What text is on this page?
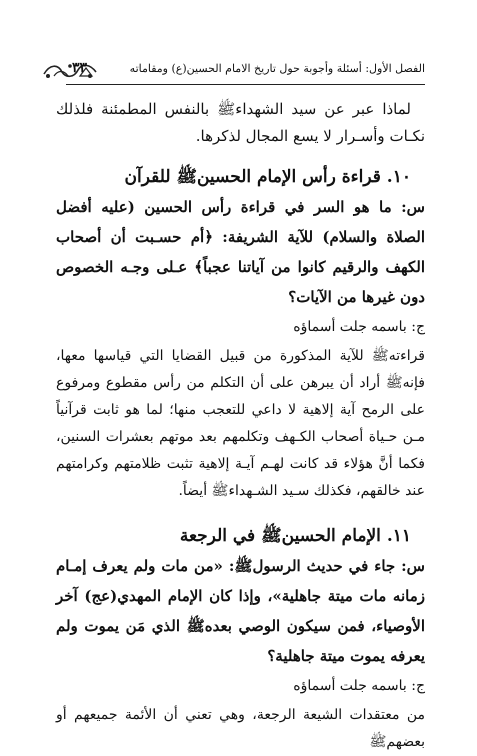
الفصل الأول: أسئلة وأجوبة حول تاريخ الامام الحسين(ع) ومقاماته
٣٣

لماذا عبر عن سيد الشهداءﷺ بالنفس المطمئنة فلذلك نكـات وأسـرار لا يسع المجال لذكرها.

١٠. قراءة رأس الإمام الحسينﷺ للقرآن

س: ما هو السر في قراءة رأس الحسين (عليه أفضل الصلاة والسلام) للآية الشريفة: ﴿أم حسـبت أن أصحاب الكهف والرقيم كانوا من آياتنا عجباً﴾ عـلى وجـه الخصوص دون غيرها من الآيات؟

ج: باسمه جلت أسماؤه

قراءتهﷺ للآية المذكورة من قبيل القضايا التي قياسها معها، فإنهﷺ أراد أن يبرهن على أن التكلم من رأس مقطوع ومرفوع على الرمح آية إلاهية لا داعي للتعجب منها؛ لما هو ثابت قرآنياً مـن حـياة أصحاب الكـهف وتكلمهم بعد موتهم بعشرات السنين، فكما أنَّ هؤلاء قد كانت لهـم آيـة إلاهية تثبت ظلامتهم وكرامتهم عند خالقهم، فكذلك سـيد الشـهداءﷺ أيضاً.

١١. الإمام الحسينﷺ في الرجعة

س: جاء في حديث الرسولﷺ: «من مات ولم يعرف إمـام زمانه مات ميتة جاهلية»، وإذا كان الإمام المهدي(عج) آخر الأوصياء، فمن سيكون الوصي بعدهﷺ الذي مَن يموت ولم يعرفه يموت ميتة جاهلية؟

ج: باسمه جلت أسماؤه

من معتقدات الشيعة الرجعة، وهي تعني أن الأئمة جميعهم أو بعضهمﷺ
